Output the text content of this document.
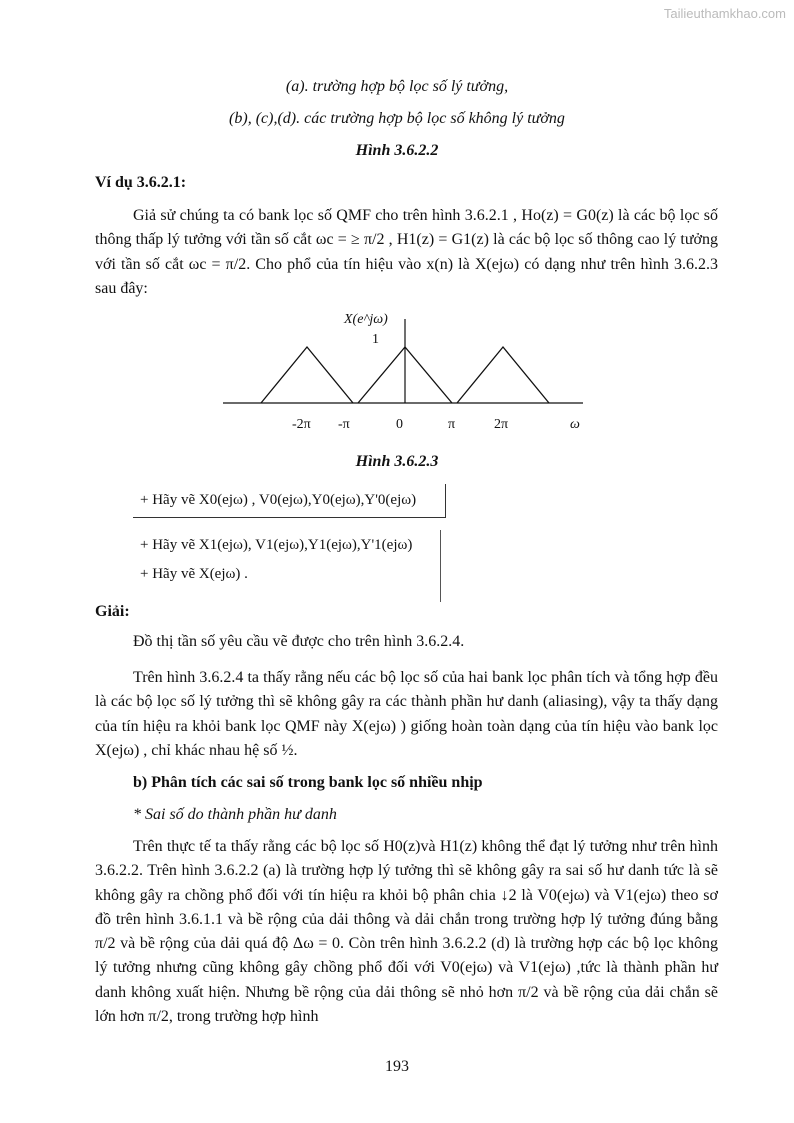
Tailieuthamkhao.com
(a). trường hợp bộ lọc số lý tưởng,
(b), (c),(d). các trường hợp bộ lọc số không lý tưởng
Hình 3.6.2.2
Ví dụ 3.6.2.1:
Giả sử chúng ta có bank lọc số QMF cho trên hình 3.6.2.1 , Ho(z) = G0(z) là các bộ lọc số thông thấp lý tưởng với tần số cắt ωc = ≥ π/2 , H1(z) = G1(z) là các bộ lọc số thông cao lý tưởng với tần số cắt ωc = π/2. Cho phổ của tín hiệu vào x(n) là X(ejω) có dạng như trên hình 3.6.2.3 sau đây:
X(e^jω)
1
-2π -π	0	π	2π	ω
Hình 3.6.2.3
+ Hãy vẽ X0(ejω) , V0(ejω),Y0(ejω),Y'0(ejω)
+ Hãy vẽ X1(ejω), V1(ejω),Y1(ejω),Y'1(ejω)
+ Hãy vẽ X(ejω) .
Giải:
Đồ thị tần số yêu cầu vẽ được cho trên hình 3.6.2.4.
Trên hình 3.6.2.4 ta thấy rằng nếu các bộ lọc số của hai bank lọc phân tích và tổng hợp đều là các bộ lọc số lý tưởng thì sẽ không gây ra các thành phần hư danh (aliasing), vậy ta thấy dạng của tín hiệu ra khỏi bank lọc QMF này X(ejω) ) giống hoàn toàn dạng của tín hiệu vào bank lọc X(ejω) , chỉ khác nhau hệ số ½.
b) Phân tích các sai số trong bank lọc số nhiều nhịp
* Sai số do thành phần hư danh
Trên thực tế ta thấy rằng các bộ lọc số H0(z)và H1(z) không thể đạt lý tưởng như trên hình 3.6.2.2. Trên hình 3.6.2.2 (a) là trường hợp lý tưởng thì sẽ không gây ra sai số hư danh tức là sẽ không gây ra chồng phổ đối với tín hiệu ra khỏi bộ phân chia ↓2 là V0(ejω) và V1(ejω) theo sơ đồ trên hình 3.6.1.1 và bề rộng của dải thông và dải chắn trong trường hợp lý tưởng đúng bằng π/2 và bề rộng của dải quá độ Δω = 0. Còn trên hình 3.6.2.2 (d) là trường hợp các bộ lọc không lý tưởng nhưng cũng không gây chồng phổ đối với V0(ejω) và V1(ejω) ,tức là thành phần hư danh không xuất hiện. Nhưng bề rộng của dải thông sẽ nhỏ hơn π/2 và bề rộng của dải chắn sẽ lớn hơn π/2, trong trường hợp hình
193
